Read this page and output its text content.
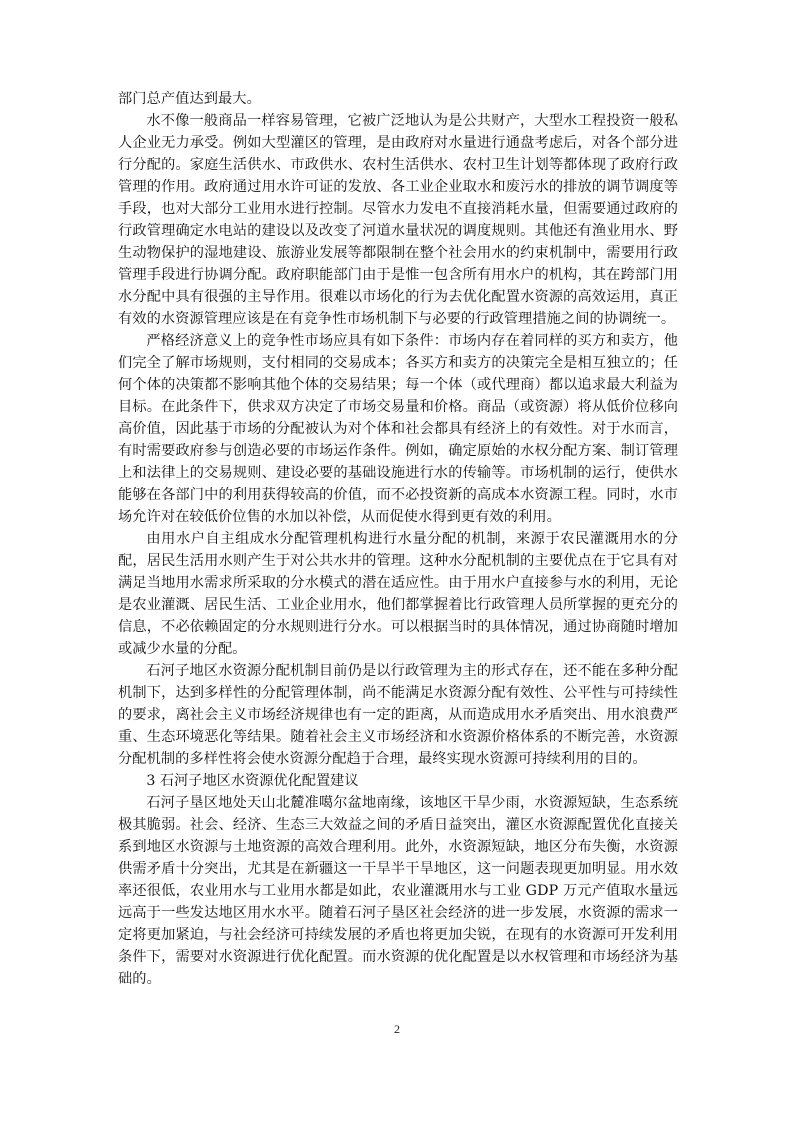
部门总产值达到最大。

水不像一般商品一样容易管理，它被广泛地认为是公共财产，大型水工程投资一般私人企业无力承受。例如大型灌区的管理，是由政府对水量进行通盘考虑后，对各个部分进行分配的。家庭生活供水、市政供水、农村生活供水、农村卫生计划等都体现了政府行政管理的作用。政府通过用水许可证的发放、各工业企业取水和废污水的排放的调节调度等手段，也对大部分工业用水进行控制。尽管水力发电不直接消耗水量，但需要通过政府的行政管理确定水电站的建设以及改变了河道水量状况的调度规则。其他还有渔业用水、野生动物保护的湿地建设、旅游业发展等都限制在整个社会用水的约束机制中，需要用行政管理手段进行协调分配。政府职能部门由于是惟一包含所有用水户的机构，其在跨部门用水分配中具有很强的主导作用。很难以市场化的行为去优化配置水资源的高效运用，真正有效的水资源管理应该是在有竞争性市场机制下与必要的行政管理措施之间的协调统一。

严格经济意义上的竞争性市场应具有如下条件：市场内存在着同样的买方和卖方，他们完全了解市场规则，支付相同的交易成本；各买方和卖方的决策完全是相互独立的；任何个体的决策都不影响其他个体的交易结果；每一个体（或代理商）都以追求最大利益为目标。在此条件下，供求双方决定了市场交易量和价格。商品（或资源）将从低价位移向高价值，因此基于市场的分配被认为对个体和社会都具有经济上的有效性。对于水而言，有时需要政府参与创造必要的市场运作条件。例如，确定原始的水权分配方案、制订管理上和法律上的交易规则、建设必要的基础设施进行水的传输等。市场机制的运行，使供水能够在各部门中的利用获得较高的价值，而不必投资新的高成本水资源工程。同时，水市场允许对在较低价位售的水加以补偿，从而促使水得到更有效的利用。

由用水户自主组成水分配管理机构进行水量分配的机制，来源于农民灌溉用水的分配，居民生活用水则产生于对公共水井的管理。这种水分配机制的主要优点在于它具有对满足当地用水需求所采取的分水模式的潜在适应性。由于用水户直接参与水的利用，无论是农业灌溉、居民生活、工业企业用水，他们都掌握着比行政管理人员所掌握的更充分的信息，不必依赖固定的分水规则进行分水。可以根据当时的具体情况，通过协商随时增加或减少水量的分配。

石河子地区水资源分配机制目前仍是以行政管理为主的形式存在，还不能在多种分配机制下，达到多样性的分配管理体制，尚不能满足水资源分配有效性、公平性与可持续性的要求，离社会主义市场经济规律也有一定的距离，从而造成用水矛盾突出、用水浪费严重、生态环境恶化等结果。随着社会主义市场经济和水资源价格体系的不断完善，水资源分配机制的多样性将会使水资源分配趋于合理，最终实现水资源可持续利用的目的。

3 石河子地区水资源优化配置建议

石河子垦区地处天山北麓准噶尔盆地南缘，该地区干旱少雨，水资源短缺，生态系统极其脆弱。社会、经济、生态三大效益之间的矛盾日益突出，灌区水资源配置优化直接关系到地区水资源与土地资源的高效合理利用。此外，水资源短缺，地区分布失衡，水资源供需矛盾十分突出，尤其是在新疆这一干旱半干旱地区，这一问题表现更加明显。用水效率还很低，农业用水与工业用水都是如此，农业灌溉用水与工业 GDP 万元产值取水量远远高于一些发达地区用水水平。随着石河子垦区社会经济的进一步发展，水资源的需求一定将更加紧迫，与社会经济可持续发展的矛盾也将更加尖锐，在现有的水资源可开发利用条件下，需要对水资源进行优化配置。而水资源的优化配置是以水权管理和市场经济为基础的。

2
